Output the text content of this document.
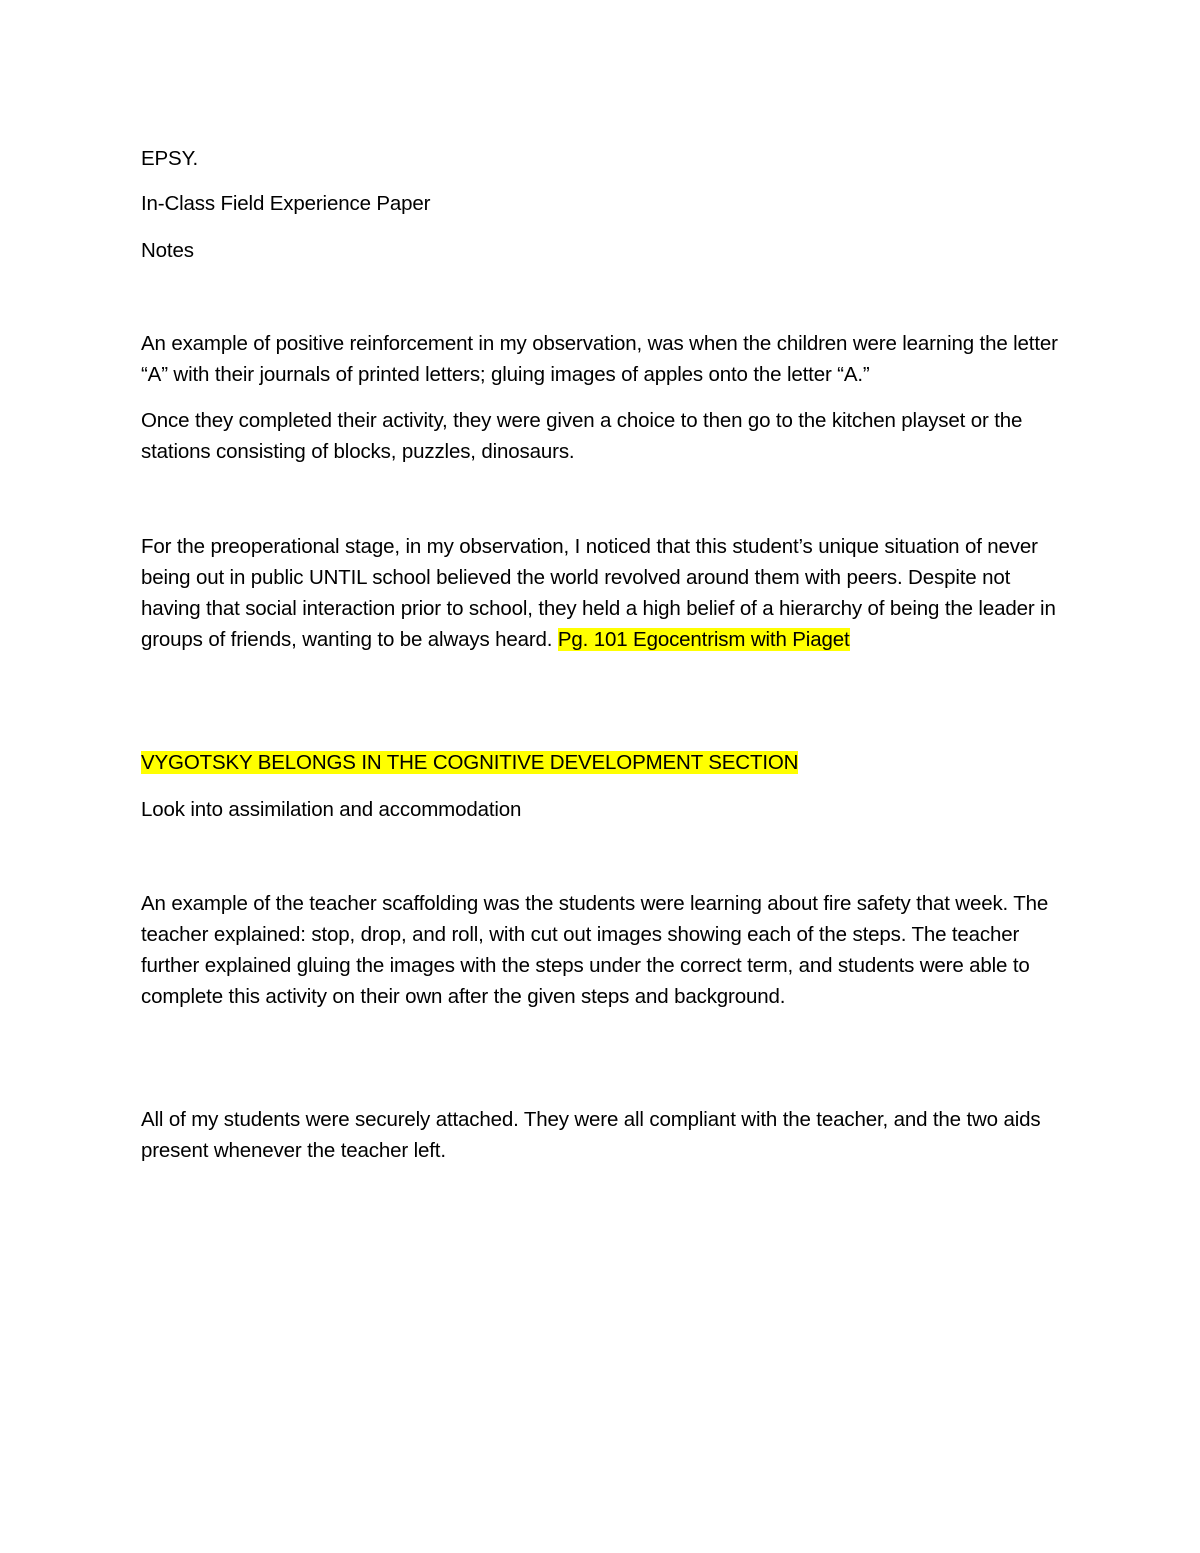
EPSY.
In-Class Field Experience Paper
Notes
An example of positive reinforcement in my observation, was when the children were learning the letter “A” with their journals of printed letters; gluing images of apples onto the letter “A.”
Once they completed their activity, they were given a choice to then go to the kitchen playset or the stations consisting of blocks, puzzles, dinosaurs.
For the preoperational stage, in my observation, I noticed that this student’s unique situation of never being out in public UNTIL school believed the world revolved around them with peers. Despite not having that social interaction prior to school, they held a high belief of a hierarchy of being the leader in groups of friends, wanting to be always heard. Pg. 101 Egocentrism with Piaget
VYGOTSKY BELONGS IN THE COGNITIVE DEVELOPMENT SECTION
Look into assimilation and accommodation
An example of the teacher scaffolding was the students were learning about fire safety that week. The teacher explained: stop, drop, and roll, with cut out images showing each of the steps. The teacher further explained gluing the images with the steps under the correct term, and students were able to complete this activity on their own after the given steps and background.
All of my students were securely attached. They were all compliant with the teacher, and the two aids present whenever the teacher left.
